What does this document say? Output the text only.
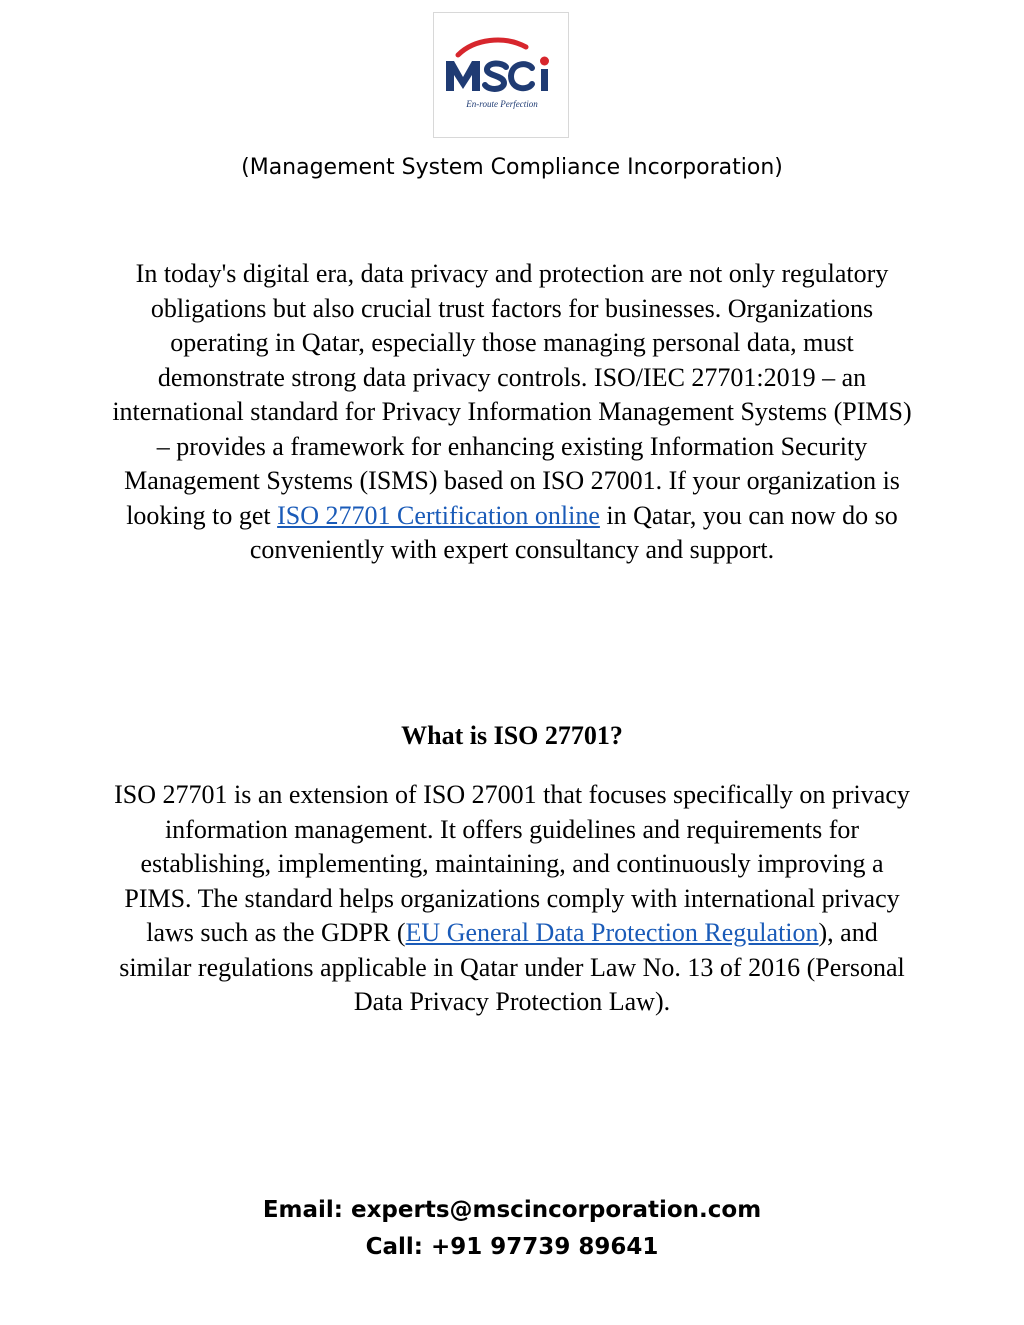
En-route Perfection

(Management System Compliance Incorporation)

In today's digital era, data privacy and protection are not only regulatory obligations but also crucial trust factors for businesses. Organizations operating in Qatar, especially those managing personal data, must demonstrate strong data privacy controls. ISO/IEC 27701:2019 – an international standard for Privacy Information Management Systems (PIMS) – provides a framework for enhancing existing Information Security Management Systems (ISMS) based on ISO 27001. If your organization is looking to get ISO 27701 Certification online in Qatar, you can now do so conveniently with expert consultancy and support.

What is ISO 27701?

ISO 27701 is an extension of ISO 27001 that focuses specifically on privacy information management. It offers guidelines and requirements for establishing, implementing, maintaining, and continuously improving a PIMS. The standard helps organizations comply with international privacy laws such as the GDPR (EU General Data Protection Regulation), and similar regulations applicable in Qatar under Law No. 13 of 2016 (Personal Data Privacy Protection Law).

Email: experts@mscincorporation.com

Call: +91 97739 89641
